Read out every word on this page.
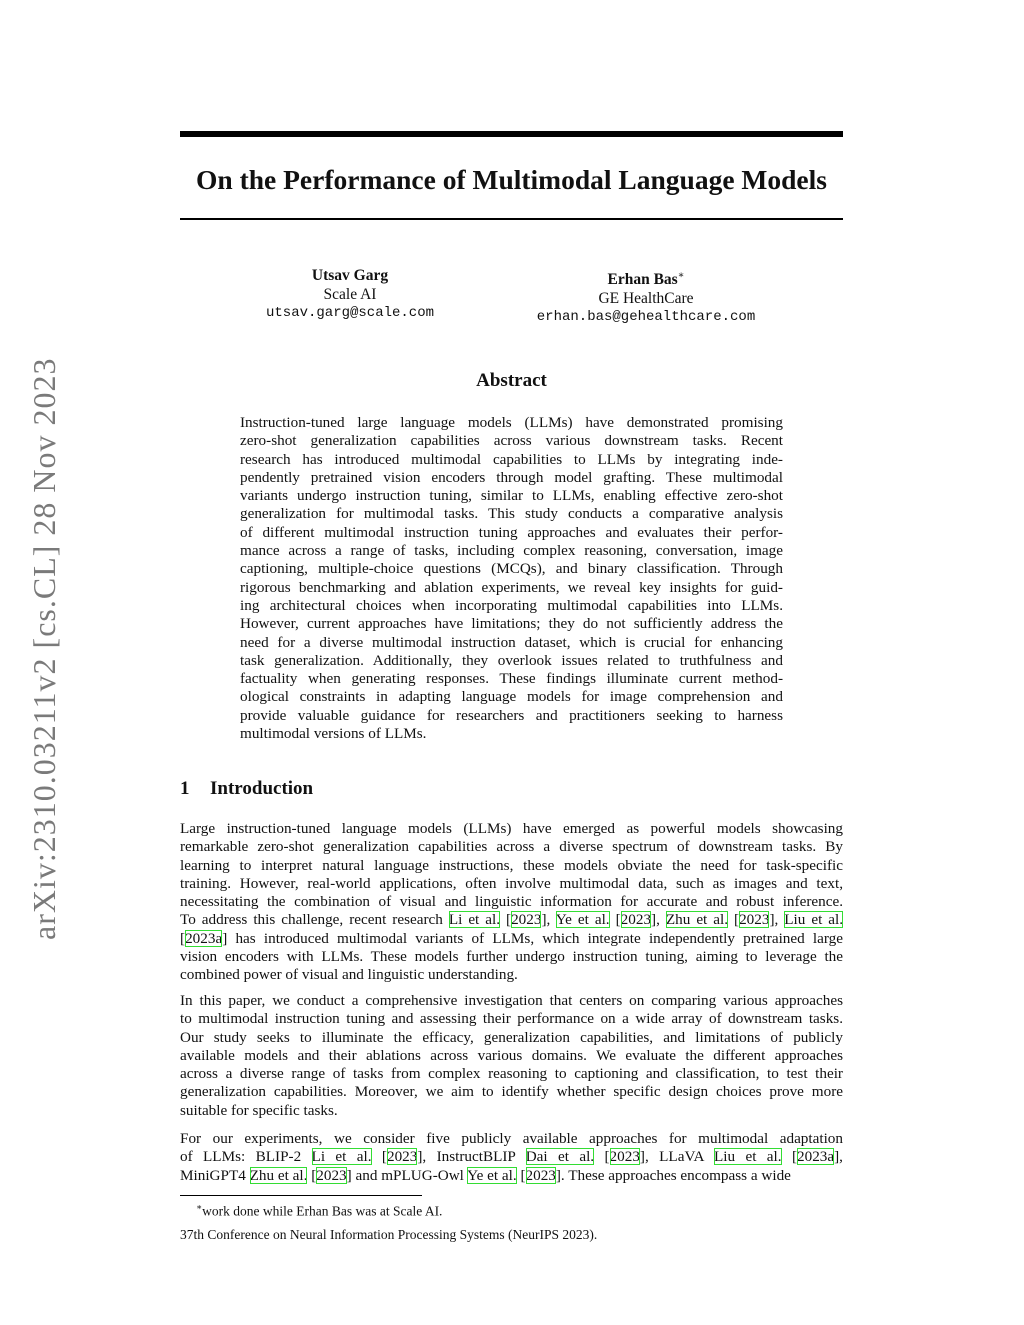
arXiv:2310.03211v2 [cs.CL] 28 Nov 2023
On the Performance of Multimodal Language Models
Utsav Garg
Scale AI
utsav.garg@scale.com
Erhan Bas∗
GE HealthCare
erhan.bas@gehealthcare.com
Abstract
Instruction-tuned large language models (LLMs) have demonstrated promising
zero-shot generalization capabilities across various downstream tasks. Recent
research has introduced multimodal capabilities to LLMs by integrating inde-
pendently pretrained vision encoders through model grafting. These multimodal
variants undergo instruction tuning, similar to LLMs, enabling effective zero-shot
generalization for multimodal tasks. This study conducts a comparative analysis
of different multimodal instruction tuning approaches and evaluates their perfor-
mance across a range of tasks, including complex reasoning, conversation, image
captioning, multiple-choice questions (MCQs), and binary classification. Through
rigorous benchmarking and ablation experiments, we reveal key insights for guid-
ing architectural choices when incorporating multimodal capabilities into LLMs.
However, current approaches have limitations; they do not sufficiently address the
need for a diverse multimodal instruction dataset, which is crucial for enhancing
task generalization. Additionally, they overlook issues related to truthfulness and
factuality when generating responses. These findings illuminate current method-
ological constraints in adapting language models for image comprehension and
provide valuable guidance for researchers and practitioners seeking to harness
multimodal versions of LLMs.
1 Introduction
Large instruction-tuned language models (LLMs) have emerged as powerful models showcasing
remarkable zero-shot generalization capabilities across a diverse spectrum of downstream tasks. By
learning to interpret natural language instructions, these models obviate the need for task-specific
training. However, real-world applications, often involve multimodal data, such as images and text,
necessitating the combination of visual and linguistic information for accurate and robust inference.
To address this challenge, recent research Li et al. [2023], Ye et al. [2023], Zhu et al. [2023], Liu et al.
[2023a] has introduced multimodal variants of LLMs, which integrate independently pretrained large
vision encoders with LLMs. These models further undergo instruction tuning, aiming to leverage the
combined power of visual and linguistic understanding.
In this paper, we conduct a comprehensive investigation that centers on comparing various approaches
to multimodal instruction tuning and assessing their performance on a wide array of downstream tasks.
Our study seeks to illuminate the efficacy, generalization capabilities, and limitations of publicly
available models and their ablations across various domains. We evaluate the different approaches
across a diverse range of tasks from complex reasoning to captioning and classification, to test their
generalization capabilities. Moreover, we aim to identify whether specific design choices prove more
suitable for specific tasks.
For our experiments, we consider five publicly available approaches for multimodal adaptation
of LLMs: BLIP-2 Li et al. [2023], InstructBLIP Dai et al. [2023], LLaVA Liu et al. [2023a],
MiniGPT4 Zhu et al. [2023] and mPLUG-Owl Ye et al. [2023]. These approaches encompass a wide
∗work done while Erhan Bas was at Scale AI.
37th Conference on Neural Information Processing Systems (NeurIPS 2023).
